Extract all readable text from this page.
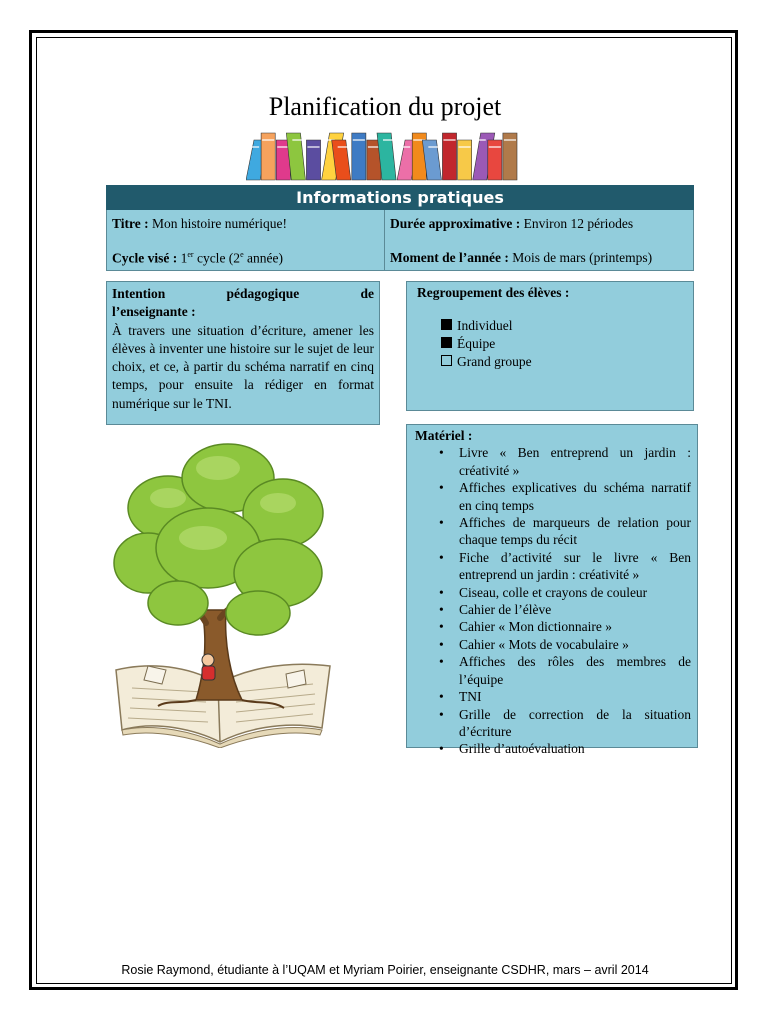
Planification du projet
Informations pratiques
Titre : Mon histoire numérique!	Durée approximative : Environ 12 périodes
Cycle visé : 1er cycle (2e année)	Moment de l’année : Mois de mars (printemps)
Intention	pédagogique	de
l’enseignante :

À travers une situation d’écriture, amener les élèves à inventer une histoire sur le sujet de leur choix, et ce, à partir du schéma narratif en cinq temps, pour ensuite la rédiger en format numérique sur le TNI.

Regroupement des élèves :
Individuel
Équipe
Grand groupe
Matériel :
• Livre « Ben entreprend un jardin : créativité »
• Affiches explicatives du schéma narratif en cinq temps
• Affiches de marqueurs de relation pour chaque temps du récit
• Fiche d’activité sur le livre « Ben entreprend un jardin : créativité »
• Ciseau, colle et crayons de couleur
• Cahier de l’élève
• Cahier « Mon dictionnaire »
• Cahier « Mots de vocabulaire »
• Affiches des rôles des membres de l’équipe
• TNI
• Grille de correction de la situation d’écriture
• Grille d’autoévaluation
Rosie Raymond, étudiante à l’UQAM et Myriam Poirier, enseignante CSDHR, mars – avril 2014
